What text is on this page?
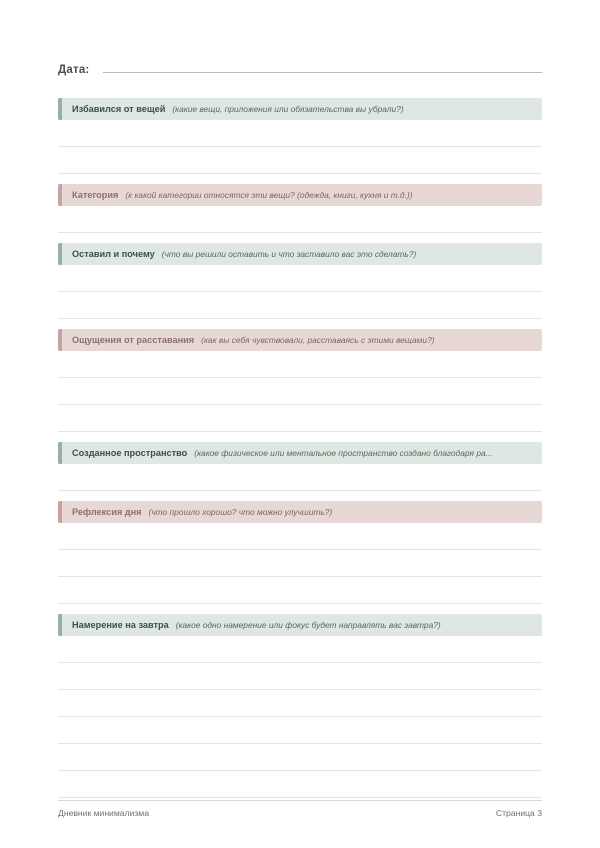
Дата:
Избавился от вещей (какие вещи, приложения или обязательства вы убрали?)
Категория (к какой категории относятся эти вещи? (одежда, книги, кухня и т.д.))
Оставил и почему (что вы решили оставить и что заставило вас это сделать?)
Ощущения от расставания (как вы себя чувствовали, расставаясь с этими вещами?)
Созданное пространство (какое физическое или ментальное пространство создано благодаря ра...
Рефлексия дня (что прошло хорошо? что можно улучшить?)
Намерение на завтра (какое одно намерение или фокус будет направлять вас завтра?)
Дневник минимализма	Страница 3
